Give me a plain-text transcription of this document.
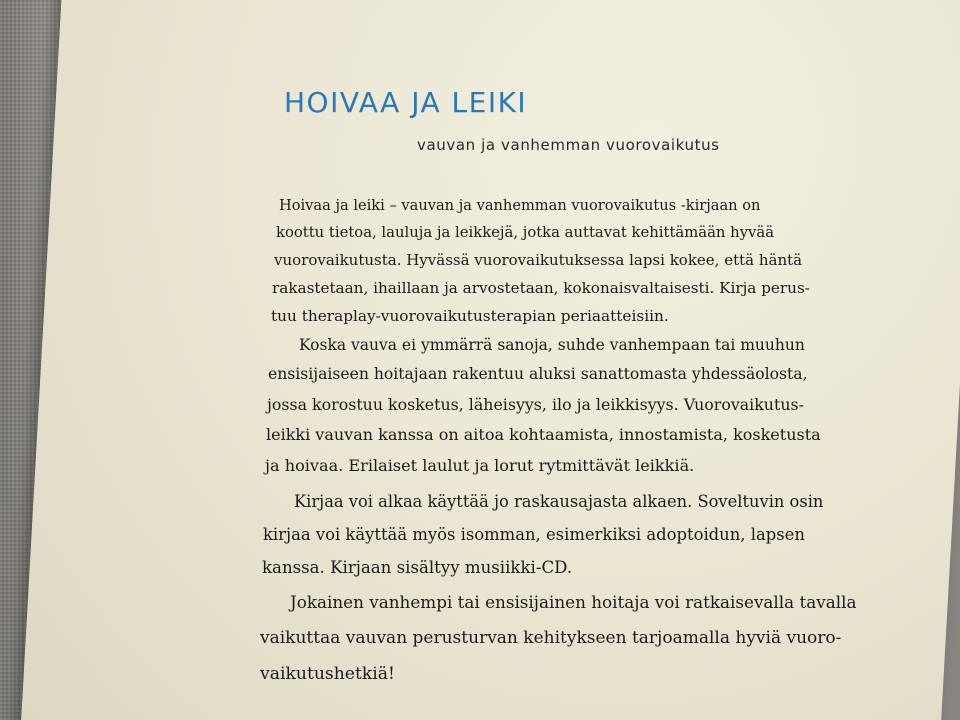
HOIVAA JA LEIKI

vauvan ja vanhemman vuorovaikutus

Hoivaa ja leiki – vauvan ja vanhemman vuorovaikutus -kirjaan on

koottu tietoa, lauluja ja leikkejä, jotka auttavat kehittämään hyvää

vuorovaikutusta. Hyvässä vuorovaikutuksessa lapsi kokee, että häntä

rakastetaan, ihaillaan ja arvostetaan, kokonaisvaltaisesti. Kirja perus-

tuu theraplay-vuorovaikutusterapian periaatteisiin.

Koska vauva ei ymmärrä sanoja, suhde vanhempaan tai muuhun

ensisijaiseen hoitajaan rakentuu aluksi sanattomasta yhdessäolosta,

jossa korostuu kosketus, läheisyys, ilo ja leikkisyys. Vuorovaikutus-

leikki vauvan kanssa on aitoa kohtaamista, innostamista, kosketusta

ja hoivaa. Erilaiset laulut ja lorut rytmittävät leikkiä.

Kirjaa voi alkaa käyttää jo raskausajasta alkaen. Soveltuvin osin

kirjaa voi käyttää myös isomman, esimerkiksi adoptoidun, lapsen

kanssa. Kirjaan sisältyy musiikki-CD.

Jokainen vanhempi tai ensisijainen hoitaja voi ratkaisevalla tavalla

vaikuttaa vauvan perusturvan kehitykseen tarjoamalla hyviä vuoro-

vaikutushetkiä!
